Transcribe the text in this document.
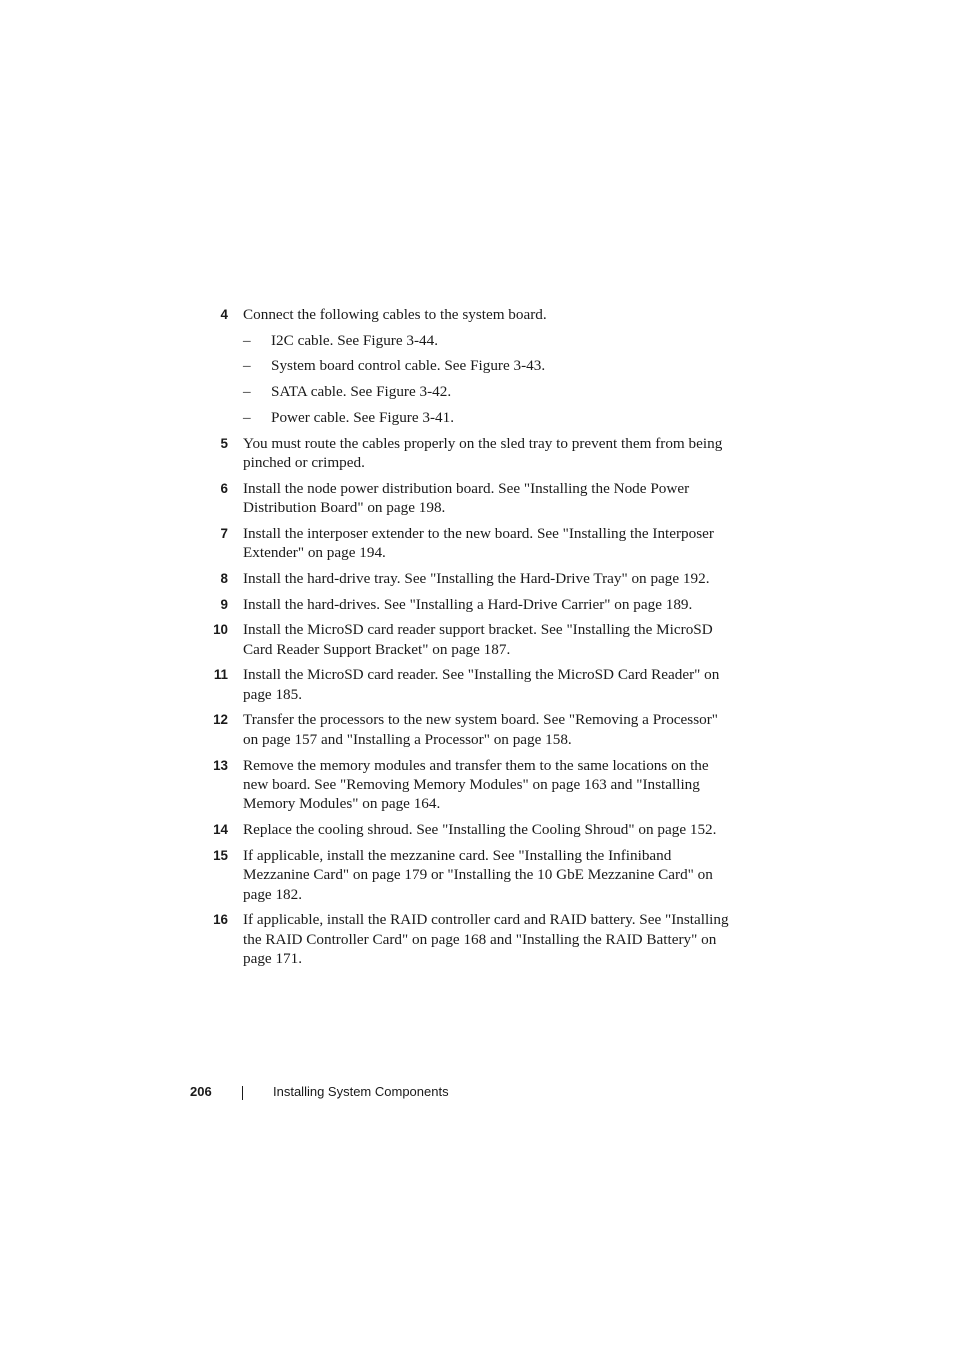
4 Connect the following cables to the system board.
– I2C cable. See Figure 3-44.
– System board control cable. See Figure 3-43.
– SATA cable. See Figure 3-42.
– Power cable. See Figure 3-41.
5 You must route the cables properly on the sled tray to prevent them from being pinched or crimped.
6 Install the node power distribution board. See "Installing the Node Power Distribution Board" on page 198.
7 Install the interposer extender to the new board. See "Installing the Interposer Extender" on page 194.
8 Install the hard-drive tray. See "Installing the Hard-Drive Tray" on page 192.
9 Install the hard-drives. See "Installing a Hard-Drive Carrier" on page 189.
10 Install the MicroSD card reader support bracket. See "Installing the MicroSD Card Reader Support Bracket" on page 187.
11 Install the MicroSD card reader. See "Installing the MicroSD Card Reader" on page 185.
12 Transfer the processors to the new system board. See "Removing a Processor" on page 157 and "Installing a Processor" on page 158.
13 Remove the memory modules and transfer them to the same locations on the new board. See "Removing Memory Modules" on page 163 and "Installing Memory Modules" on page 164.
14 Replace the cooling shroud. See "Installing the Cooling Shroud" on page 152.
15 If applicable, install the mezzanine card. See "Installing the Infiniband Mezzanine Card" on page 179 or "Installing the 10 GbE Mezzanine Card" on page 182.
16 If applicable, install the RAID controller card and RAID battery. See "Installing the RAID Controller Card" on page 168 and "Installing the RAID Battery" on page 171.
206	Installing System Components
